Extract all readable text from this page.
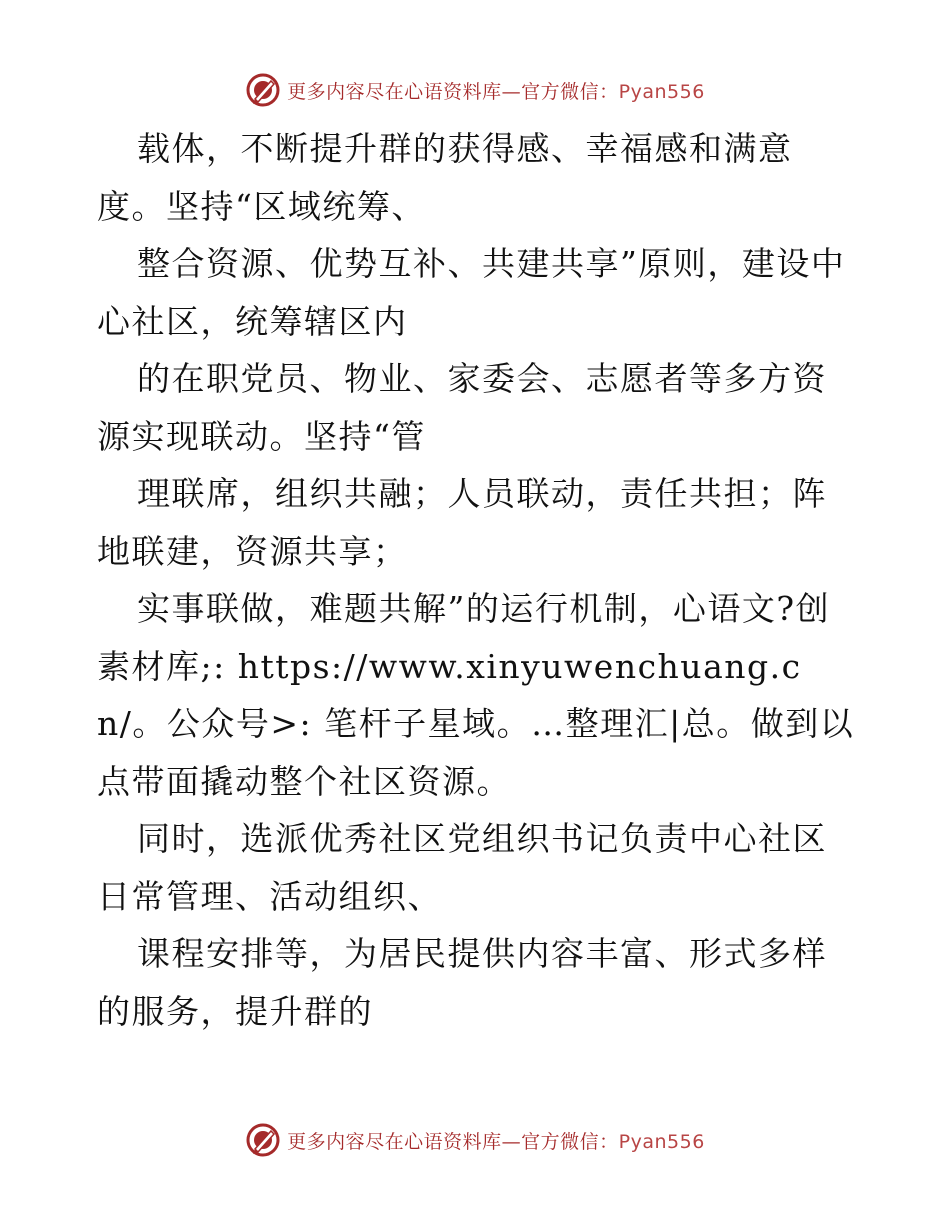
更多内容尽在心语资料库—官方微信：Pyan556

载体，不断提升群的获得感、幸福感和满意度。坚持“区域统筹、

整合资源、优势互补、共建共享”原则，建设中心社区，统筹辖区内

的在职党员、物业、家委会、志愿者等多方资源实现联动。坚持“管

理联席，组织共融；人员联动，责任共担；阵地联建，资源共享；

实事联做，难题共解”的运行机制，心语文?创素材库;: https://www.xinyuwenchuang.cn/。公众号>: 笔杆子星域。…整理汇|总。做到以点带面撬动整个社区资源。

同时，选派优秀社区党组织书记负责中心社区日常管理、活动组织、

课程安排等，为居民提供内容丰富、形式多样的服务，提升群的

更多内容尽在心语资料库—官方微信：Pyan556
